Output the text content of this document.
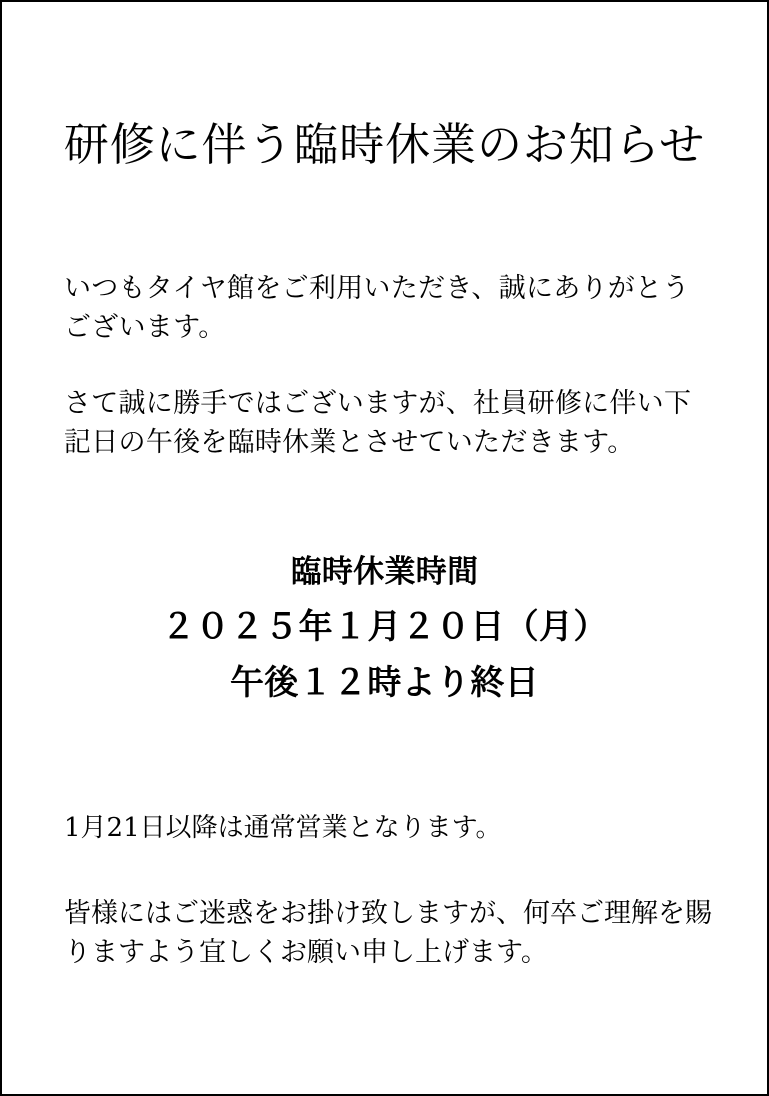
研修に伴う臨時休業のお知らせ

いつもタイヤ館をご利用いただき、誠にありがとうございます。

さて誠に勝手ではございますが、社員研修に伴い下記日の午後を臨時休業とさせていただきます。

臨時休業時間
２０２５年１月２０日（月）
午後１２時より終日

1月21日以降は通常営業となります。

皆様にはご迷惑をお掛け致しますが、何卒ご理解を賜りますよう宜しくお願い申し上げます。
